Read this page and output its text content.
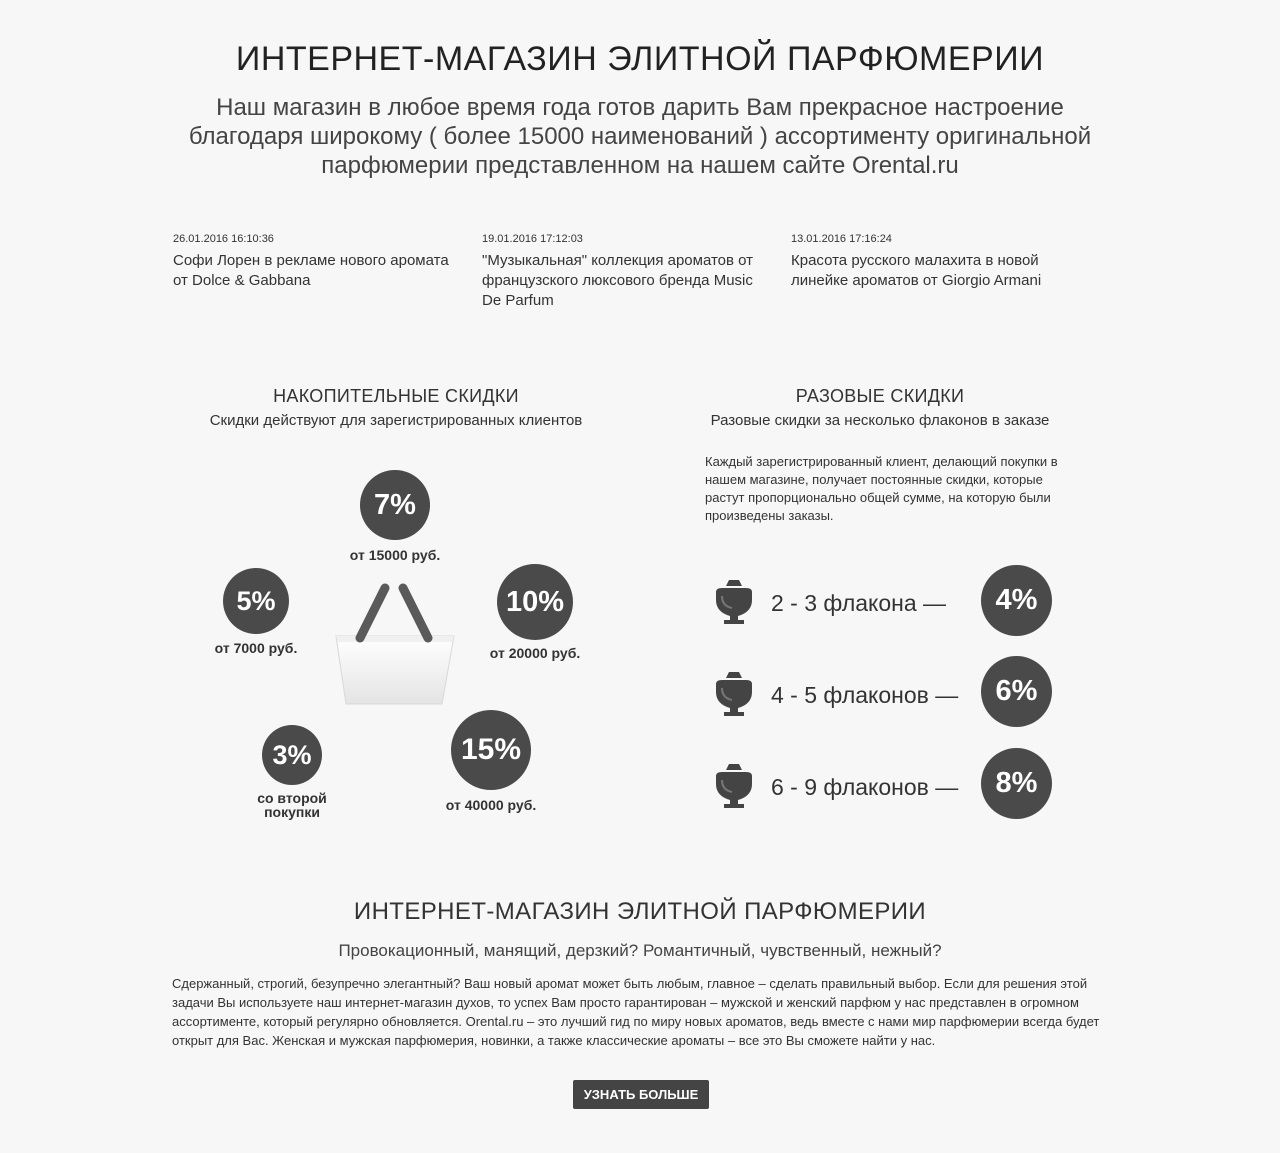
ИНТЕРНЕТ-МАГАЗИН ЭЛИТНОЙ ПАРФЮМЕРИИ

Наш магазин в любое время года готов дарить Вам прекрасное настроение благодаря широкому ( более 15000 наименований ) ассортименту оригинальной парфюмерии представленном на нашем сайте Orental.ru

26.01.2016 16:10:36
Софи Лорен в рекламе нового аромата от Dolce & Gabbana
19.01.2016 17:12:03
"Музыкальная" коллекция ароматов от французского люксового бренда Music De Parfum
13.01.2016 17:16:24
Красота русского малахита в новой линейке ароматов от Giorgio Armani
НАКОПИТЕЛЬНЫЕ СКИДКИ
Скидки действуют для зарегистрированных клиентов
7%
от 15000 руб.
5%
от 7000 руб.
10%
от 20000 руб.
3%
со второй
покупки
15%
от 40000 руб.
РАЗОВЫЕ СКИДКИ
Разовые скидки за несколько флаконов в заказе

Каждый зарегистрированный клиент, делающий покупки в нашем магазине, получает постоянные скидки, которые растут пропорционально общей сумме, на которую были произведены заказы.

2 - 3 флакона —	4%
4 - 5 флаконов —	6%
6 - 9 флаконов —	8%
ИНТЕРНЕТ-МАГАЗИН ЭЛИТНОЙ ПАРФЮМЕРИИ
Провокационный, манящий, дерзкий? Романтичный, чувственный, нежный?

Сдержанный, строгий, безупречно элегантный? Ваш новый аромат может быть любым, главное – сделать правильный выбор. Если для решения этой задачи Вы используете наш интернет-магазин духов, то успех Вам просто гарантирован – мужской и женский парфюм у нас представлен в огромном ассортименте, который регулярно обновляется. Orental.ru – это лучший гид по миру новых ароматов, ведь вместе с нами мир парфюмерии всегда будет открыт для Вас. Женская и мужская парфюмерия, новинки, а также классические ароматы – все это Вы сможете найти у нас.

УЗНАТЬ БОЛЬШЕ
